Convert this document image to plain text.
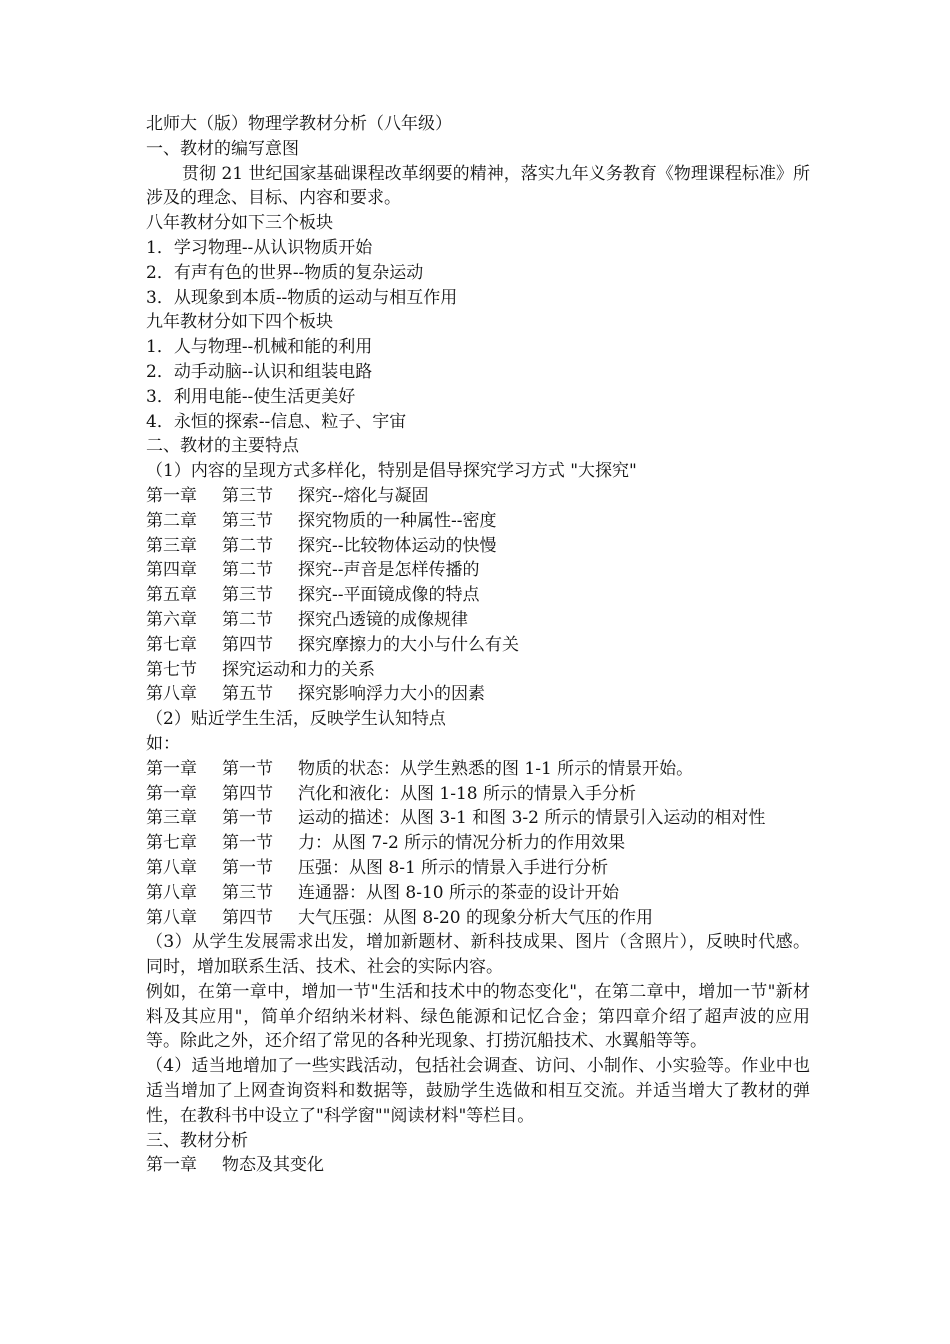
北师大（版）物理学教材分析（八年级）
一、教材的编写意图
贯彻 21 世纪国家基础课程改革纲要的精神，落实九年义务教育《物理课程标准》所涉及的理念、目标、内容和要求。
八年教材分如下三个板块
1．学习物理--从认识物质开始
2．有声有色的世界--物质的复杂运动
3．从现象到本质--物质的运动与相互作用
九年教材分如下四个板块
1．人与物理--机械和能的利用
2．动手动脑--认识和组装电路
3．利用电能--使生活更美好
4．永恒的探索--信息、粒子、宇宙
二、教材的主要特点
（1）内容的呈现方式多样化，特别是倡导探究学习方式 "大探究"
第一章	第三节	探究--熔化与凝固
第二章	第三节	探究物质的一种属性--密度
第三章	第二节	探究--比较物体运动的快慢
第四章	第二节	探究--声音是怎样传播的
第五章	第三节	探究--平面镜成像的特点
第六章	第二节	探究凸透镜的成像规律
第七章	第四节	探究摩擦力的大小与什么有关
第七节	探究运动和力的关系
第八章	第五节	探究影响浮力大小的因素
（2）贴近学生生活，反映学生认知特点
如：
第一章	第一节	物质的状态：从学生熟悉的图 1-1 所示的情景开始。
第一章	第四节	汽化和液化：从图 1-18 所示的情景入手分析
第三章	第一节	运动的描述：从图 3-1 和图 3-2 所示的情景引入运动的相对性
第七章	第一节	力：从图 7-2 所示的情况分析力的作用效果
第八章	第一节	压强：从图 8-1 所示的情景入手进行分析
第八章	第三节	连通器：从图 8-10 所示的茶壶的设计开始
第八章	第四节	大气压强：从图 8-20 的现象分析大气压的作用
（3）从学生发展需求出发，增加新题材、新科技成果、图片（含照片），反映时代感。同时，增加联系生活、技术、社会的实际内容。
例如，在第一章中，增加一节"生活和技术中的物态变化"，在第二章中，增加一节"新材料及其应用"，简单介绍纳米材料、绿色能源和记忆合金；第四章介绍了超声波的应用等。除此之外，还介绍了常见的各种光现象、打捞沉船技术、水翼船等等。
（4）适当地增加了一些实践活动，包括社会调查、访问、小制作、小实验等。作业中也适当增加了上网查询资料和数据等，鼓励学生选做和相互交流。并适当增大了教材的弹性，在教科书中设立了"科学窗""阅读材料"等栏目。
三、教材分析
第一章	物态及其变化
